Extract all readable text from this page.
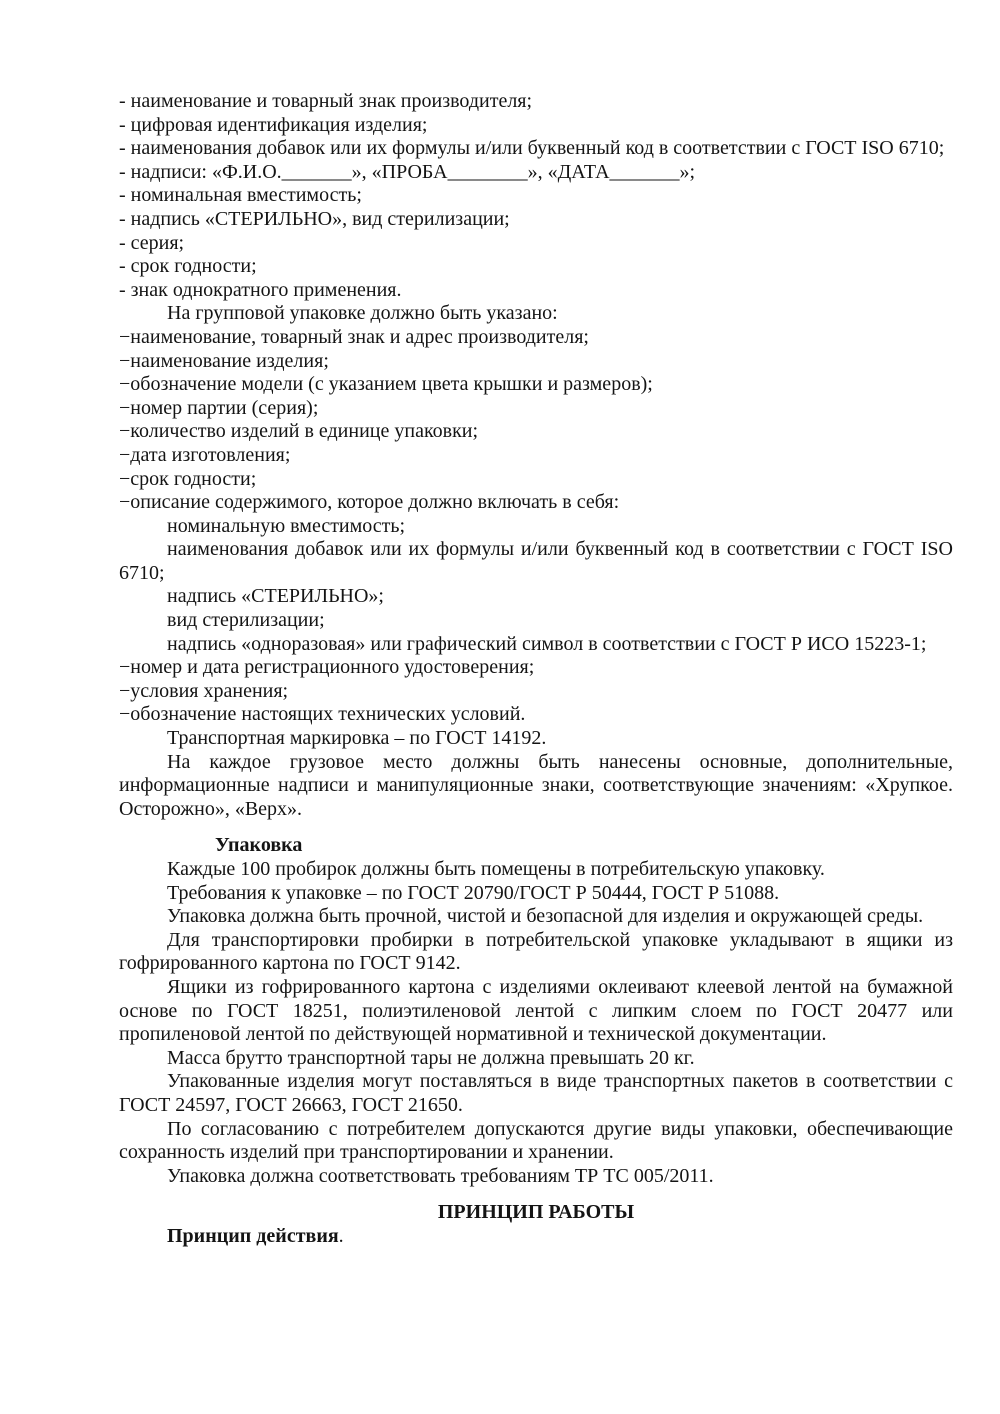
- наименование и товарный знак производителя;

- цифровая идентификация изделия;

- наименования добавок или их формулы и/или буквенный код в соответствии с ГОСТ ISO 6710;

- надписи: «Ф.И.О._______», «ПРОБА________», «ДАТА_______»;

- номинальная вместимость;

- надпись «СТЕРИЛЬНО», вид стерилизации;

- серия;

- срок годности;

- знак однократного применения.

На групповой упаковке должно быть указано:

−наименование, товарный знак и адрес производителя;

−наименование изделия;

−обозначение модели (с указанием цвета крышки и размеров);

−номер партии (серия);

−количество изделий в единице упаковки;

−дата изготовления;

−срок годности;

−описание содержимого, которое должно включать в себя:

номинальную вместимость;

наименования добавок или их формулы и/или буквенный код в соответствии с ГОСТ ISO 6710;

надпись «СТЕРИЛЬНО»;

вид стерилизации;

надпись «одноразовая» или графический символ в соответствии с ГОСТ Р ИСО 15223-1;

−номер и дата регистрационного удостоверения;

−условия хранения;

−обозначение настоящих технических условий.

Транспортная маркировка – по ГОСТ 14192.

На каждое грузовое место должны быть нанесены основные, дополнительные, информационные надписи и манипуляционные знаки, соответствующие значениям: «Хрупкое. Осторожно», «Верх».

Упаковка

Каждые 100 пробирок должны быть помещены в потребительскую упаковку.

Требования к упаковке – по ГОСТ 20790/ГОСТ Р 50444, ГОСТ Р 51088.

Упаковка должна быть прочной, чистой и безопасной для изделия и окружающей среды.

Для транспортировки пробирки в потребительской упаковке укладывают в ящики из гофрированного картона по ГОСТ 9142.

Ящики из гофрированного картона с изделиями оклеивают клеевой лентой на бумажной основе по ГОСТ 18251, полиэтиленовой лентой с липким слоем по ГОСТ 20477 или пропиленовой лентой по действующей нормативной и технической документации.

Масса брутто транспортной тары не должна превышать 20 кг.

Упакованные изделия могут поставляться в виде транспортных пакетов в соответствии с ГОСТ 24597, ГОСТ 26663, ГОСТ 21650.

По согласованию с потребителем допускаются другие виды упаковки, обеспечивающие сохранность изделий при транспортировании и хранении.

Упаковка должна соответствовать требованиям ТР ТС 005/2011.

ПРИНЦИП РАБОТЫ

Принцип действия.
